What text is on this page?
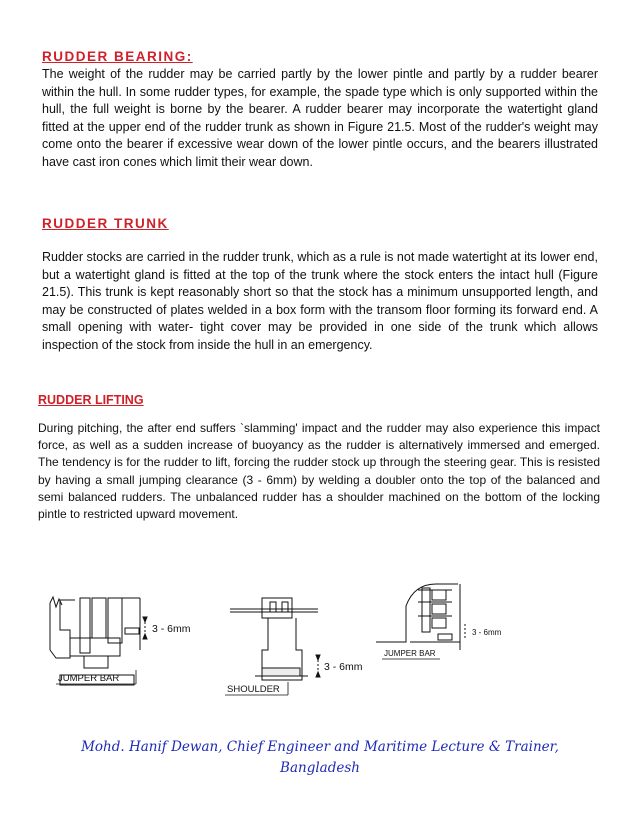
RUDDER BEARING:

The weight of the rudder may be carried partly by the lower pintle and partly by a rudder bearer within the hull. In some rudder types, for example, the spade type which is only supported within the hull, the full weight is borne by the bearer. A rudder bearer may incorporate the watertight gland fitted at the upper end of the rudder trunk as shown in Figure 21.5. Most of the rudder's weight may come onto the bearer if excessive wear down of the lower pintle occurs, and the bearers illustrated have cast iron cones which limit their wear down.

RUDDER TRUNK

Rudder stocks are carried in the rudder trunk, which as a rule is not made watertight at its lower end, but a watertight gland is fitted at the top of the trunk where the stock enters the intact hull (Figure 21.5). This trunk is kept reasonably short so that the stock has a minimum unsupported length, and may be constructed of plates welded in a box form with the transom floor forming its forward end. A small opening with water- tight cover may be provided in one side of the trunk which allows inspection of the stock from inside the hull in an emergency.

RUDDER LIFTING

During pitching, the after end suffers `slamming' impact and the rudder may also experience this impact force, as well as a sudden increase of buoyancy as the rudder is alternatively immersed and emerged. The tendency is for the rudder to lift, forcing the rudder stock up through the steering gear. This is resisted by having a small jumping clearance (3 - 6mm) by welding a doubler onto the top of the balanced and semi balanced rudders. The unbalanced rudder has a shoulder machined on the bottom of the locking pintle to restricted upward movement.

3 - 6mm
JUMPER BAR
3 - 6mm
SHOULDER
3 - 6mm
JUMPER BAR
Mohd. Hanif Dewan, Chief Engineer and Maritime Lecture & Trainer,
Bangladesh
